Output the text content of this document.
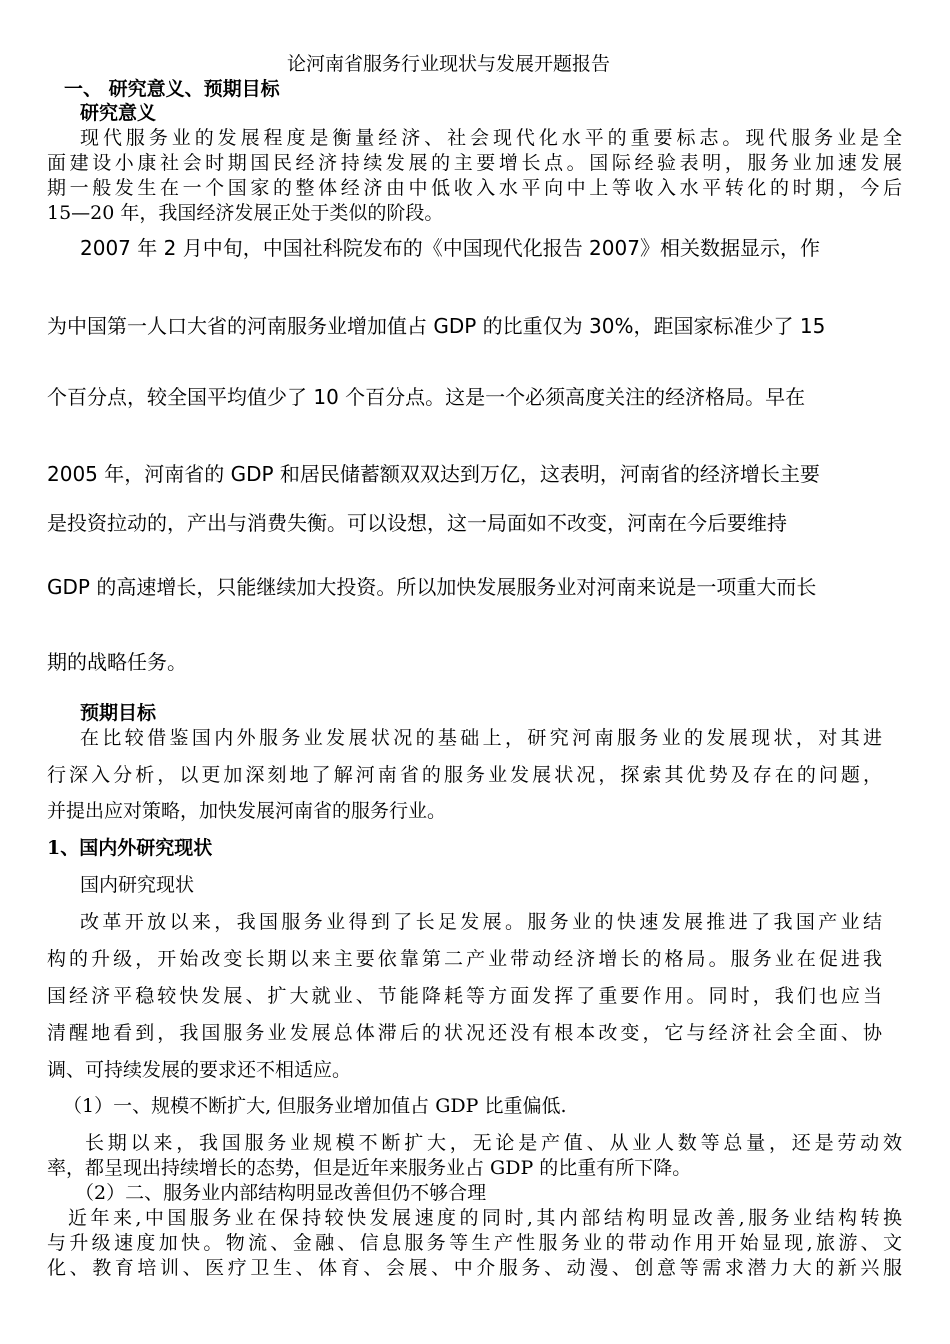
论河南省服务行业现状与发展开题报告
一、 研究意义、预期目标
研究意义
现代服务业的发展程度是衡量经济、社会现代化水平的重要标志。现代服务业是全
面建设小康社会时期国民经济持续发展的主要增长点。国际经验表明，服务业加速发展
期一般发生在一个国家的整体经济由中低收入水平向中上等收入水平转化的时期，今后
15—20 年，我国经济发展正处于类似的阶段。
2007 年 2 月中旬，中国社科院发布的《中国现代化报告 2007》相关数据显示，作
为中国第一人口大省的河南服务业增加值占 GDP 的比重仅为 30%，距国家标准少了 15
个百分点，较全国平均值少了 10 个百分点。这是一个必须高度关注的经济格局。早在
2005 年，河南省的 GDP 和居民储蓄额双双达到万亿，这表明，河南省的经济增长主要
是投资拉动的，产出与消费失衡。可以设想，这一局面如不改变，河南在今后要维持
GDP 的高速增长，只能继续加大投资。所以加快发展服务业对河南来说是一项重大而长
期的战略任务。
预期目标
在比较借鉴国内外服务业发展状况的基础上，研究河南服务业的发展现状，对其进
行深入分析，以更加深刻地了解河南省的服务业发展状况，探索其优势及存在的问题，
并提出应对策略，加快发展河南省的服务行业。
1、国内外研究现状
国内研究现状
改革开放以来，我国服务业得到了长足发展。服务业的快速发展推进了我国产业结
构的升级，开始改变长期以来主要依靠第二产业带动经济增长的格局。服务业在促进我
国经济平稳较快发展、扩大就业、节能降耗等方面发挥了重要作用。同时，我们也应当
清醒地看到，我国服务业发展总体滞后的状况还没有根本改变，它与经济社会全面、协
调、可持续发展的要求还不相适应。
（1）一、规模不断扩大, 但服务业增加值占 GDP 比重偏低.
长期以来，我国服务业规模不断扩大，无论是产值、从业人数等总量，还是劳动效
率，都呈现出持续增长的态势，但是近年来服务业占 GDP 的比重有所下降。
（2）二、服务业内部结构明显改善但仍不够合理
近年来,中国服务业在保持较快发展速度的同时,其内部结构明显改善,服务业结构转换
与升级速度加快。物流、金融、信息服务等生产性服务业的带动作用开始显现,旅游、文
化、教育培训、医疗卫生、体育、会展、中介服务、动漫、创意等需求潜力大的新兴服
